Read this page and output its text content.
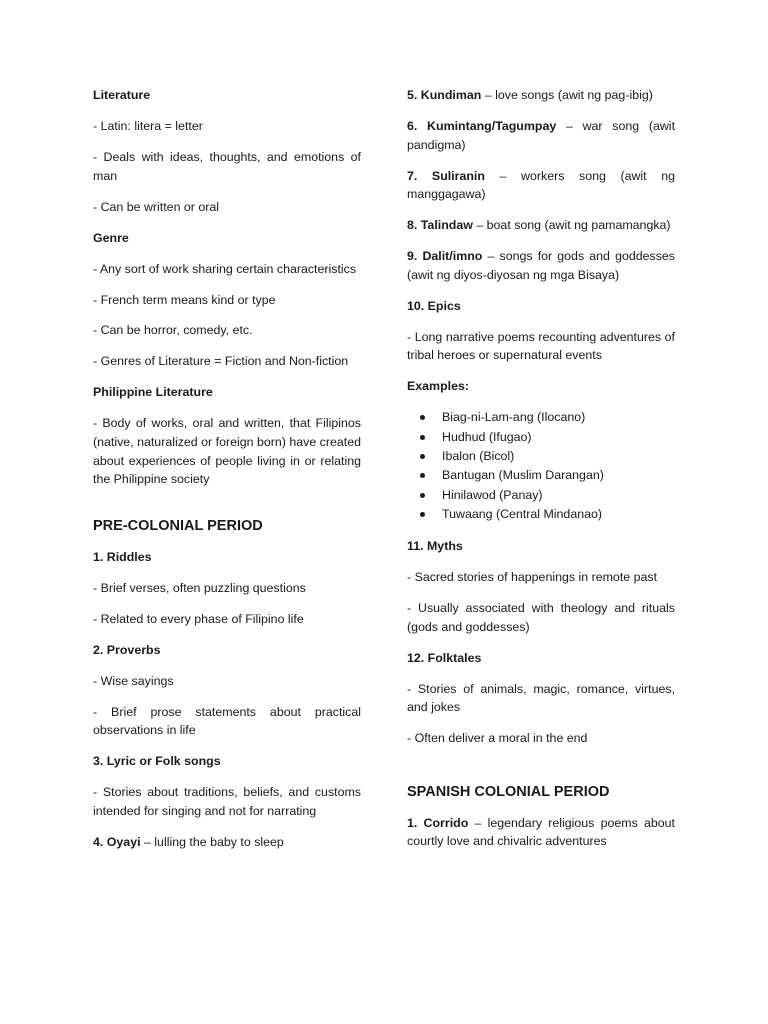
Literature

- Latin: litera = letter

- Deals with ideas, thoughts, and emotions of man

- Can be written or oral

Genre

- Any sort of work sharing certain characteristics

- French term means kind or type

- Can be horror, comedy, etc.

- Genres of Literature = Fiction and Non-fiction

Philippine Literature

- Body of works, oral and written, that Filipinos (native, naturalized or foreign born) have created about experiences of people living in or relating the Philippine society

PRE-COLONIAL PERIOD

1. Riddles

- Brief verses, often puzzling questions

- Related to every phase of Filipino life

2. Proverbs

- Wise sayings

- Brief prose statements about practical observations in life

3. Lyric or Folk songs

- Stories about traditions, beliefs, and customs intended for singing and not for narrating

4. Oyayi – lulling the baby to sleep

5. Kundiman – love songs (awit ng pag-ibig)

6. Kumintang/Tagumpay – war song (awit pandigma)

7. Suliranin – workers song (awit ng manggagawa)

8. Talindaw – boat song (awit ng pamamangka)

9. Dalit/imno – songs for gods and goddesses (awit ng diyos-diyosan ng mga Bisaya)

10. Epics

- Long narrative poems recounting adventures of tribal heroes or supernatural events

Examples:

Biag-ni-Lam-ang (Ilocano)
Hudhud (Ifugao)
Ibalon (Bicol)
Bantugan (Muslim Darangan)
Hinilawod (Panay)
Tuwaang (Central Mindanao)

11. Myths

- Sacred stories of happenings in remote past

- Usually associated with theology and rituals (gods and goddesses)

12. Folktales

- Stories of animals, magic, romance, virtues, and jokes

- Often deliver a moral in the end

SPANISH COLONIAL PERIOD

1. Corrido – legendary religious poems about courtly love and chivalric adventures
